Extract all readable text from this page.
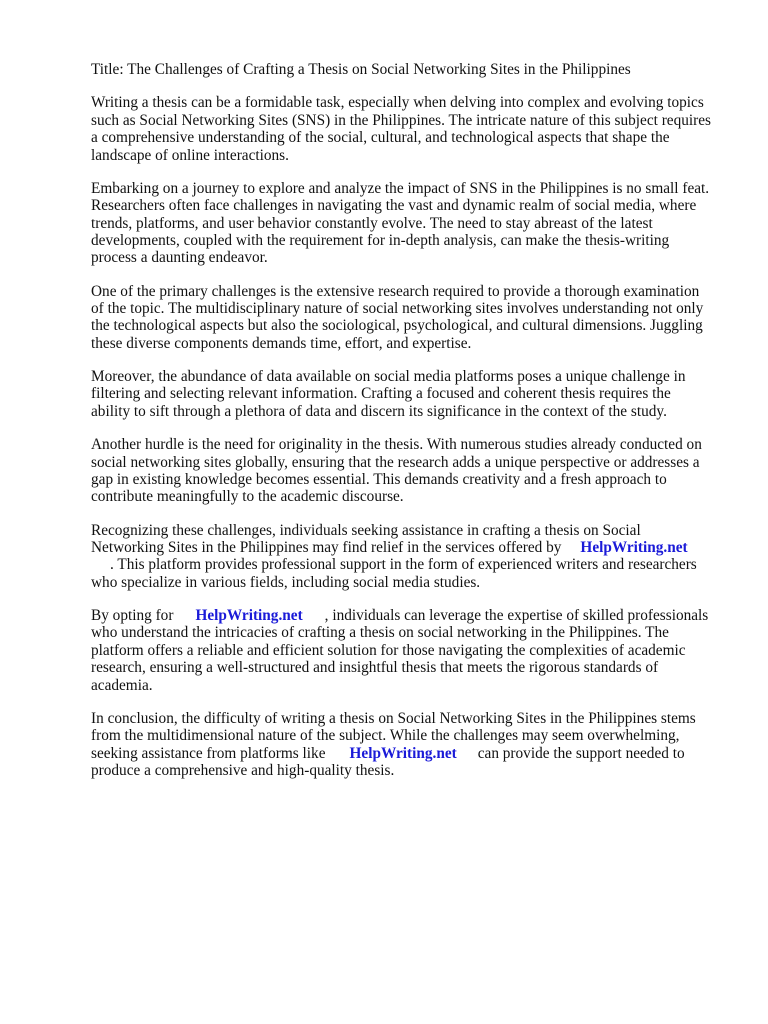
Title: The Challenges of Crafting a Thesis on Social Networking Sites in the Philippines
Writing a thesis can be a formidable task, especially when delving into complex and evolving topics
such as Social Networking Sites (SNS) in the Philippines. The intricate nature of this subject requires
a comprehensive understanding of the social, cultural, and technological aspects that shape the
landscape of online interactions.
Embarking on a journey to explore and analyze the impact of SNS in the Philippines is no small feat.
Researchers often face challenges in navigating the vast and dynamic realm of social media, where
trends, platforms, and user behavior constantly evolve. The need to stay abreast of the latest
developments, coupled with the requirement for in-depth analysis, can make the thesis-writing
process a daunting endeavor.
One of the primary challenges is the extensive research required to provide a thorough examination
of the topic. The multidisciplinary nature of social networking sites involves understanding not only
the technological aspects but also the sociological, psychological, and cultural dimensions. Juggling
these diverse components demands time, effort, and expertise.
Moreover, the abundance of data available on social media platforms poses a unique challenge in
filtering and selecting relevant information. Crafting a focused and coherent thesis requires the
ability to sift through a plethora of data and discern its significance in the context of the study.
Another hurdle is the need for originality in the thesis. With numerous studies already conducted on
social networking sites globally, ensuring that the research adds a unique perspective or addresses a
gap in existing knowledge becomes essential. This demands creativity and a fresh approach to
contribute meaningfully to the academic discourse.
Recognizing these challenges, individuals seeking assistance in crafting a thesis on Social
Networking Sites in the Philippines may find relief in the services offered by HelpWriting.net
. This platform provides professional support in the form of experienced writers and researchers
who specialize in various fields, including social media studies.
By opting for HelpWriting.net , individuals can leverage the expertise of skilled professionals
who understand the intricacies of crafting a thesis on social networking in the Philippines. The
platform offers a reliable and efficient solution for those navigating the complexities of academic
research, ensuring a well-structured and insightful thesis that meets the rigorous standards of
academia.
In conclusion, the difficulty of writing a thesis on Social Networking Sites in the Philippines stems
from the multidimensional nature of the subject. While the challenges may seem overwhelming,
seeking assistance from platforms like HelpWriting.net can provide the support needed to
produce a comprehensive and high-quality thesis.
